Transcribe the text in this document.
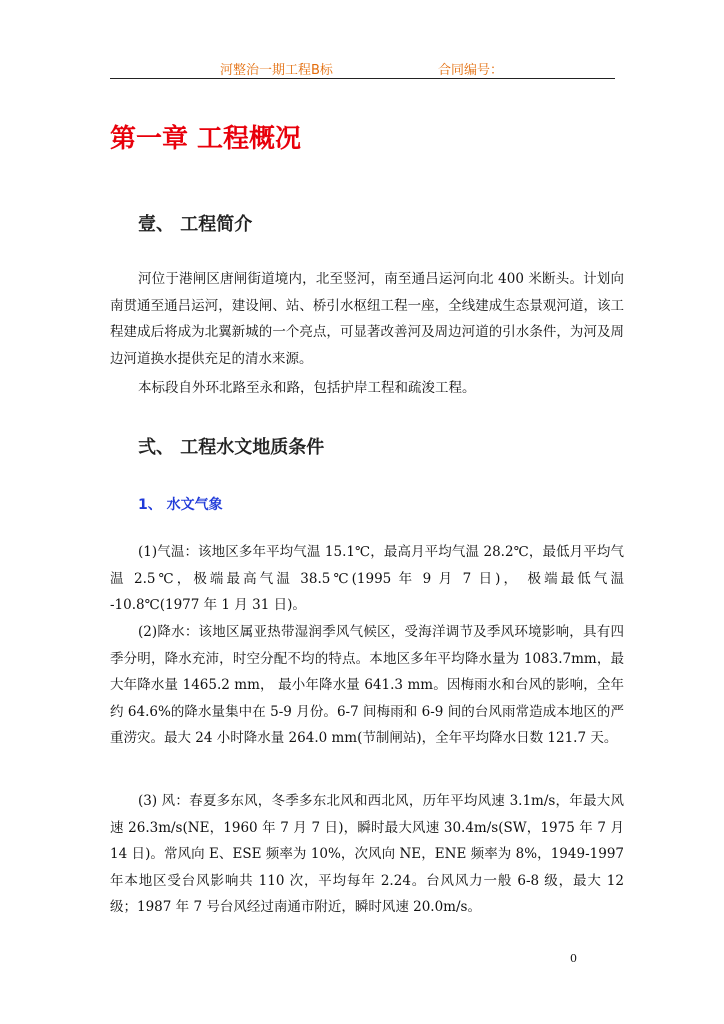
河整治一期工程B标	合同编号：
第一章 工程概况
壹、 工程简介
河位于港闸区唐闸街道境内，北至竖河，南至通吕运河向北 400 米断头。计划向南贯通至通吕运河，建设闸、站、桥引水枢纽工程一座，全线建成生态景观河道，该工程建成后将成为北翼新城的一个亮点，可显著改善河及周边河道的引水条件，为河及周边河道换水提供充足的清水来源。
本标段自外环北路至永和路，包括护岸工程和疏浚工程。
弍、 工程水文地质条件
1、 水文气象
(1)气温：该地区多年平均气温 15.1℃，最高月平均气温 28.2℃，最低月平均气温 2.5℃，极端最高气温 38.5℃(1995 年 9 月 7 日)， 极端最低气温 -10.8℃(1977 年 1 月 31 日)。
(2)降水：该地区属亚热带湿润季风气候区，受海洋调节及季风环境影响，具有四季分明，降水充沛，时空分配不均的特点。本地区多年平均降水量为 1083.7mm，最大年降水量 1465.2 mm， 最小年降水量 641.3 mm。因梅雨水和台风的影响，全年约 64.6%的降水量集中在 5-9 月份。6-7 间梅雨和 6-9 间的台风雨常造成本地区的严重涝灾。最大 24 小时降水量 264.0 mm(节制闸站)，全年平均降水日数 121.7 天。
(3) 风：春夏多东风，冬季多东北风和西北风，历年平均风速 3.1m/s，年最大风速 26.3m/s(NE，1960 年 7 月 7 日)，瞬时最大风速 30.4m/s(SW，1975 年 7 月 14 日)。常风向 E、ESE 频率为 10%，次风向 NE，ENE 频率为 8%，1949-1997 年本地区受台风影响共 110 次，平均每年 2.24。台风风力一般 6-8 级，最大 12 级；1987 年 7 号台风经过南通市附近，瞬时风速 20.0m/s。
0
